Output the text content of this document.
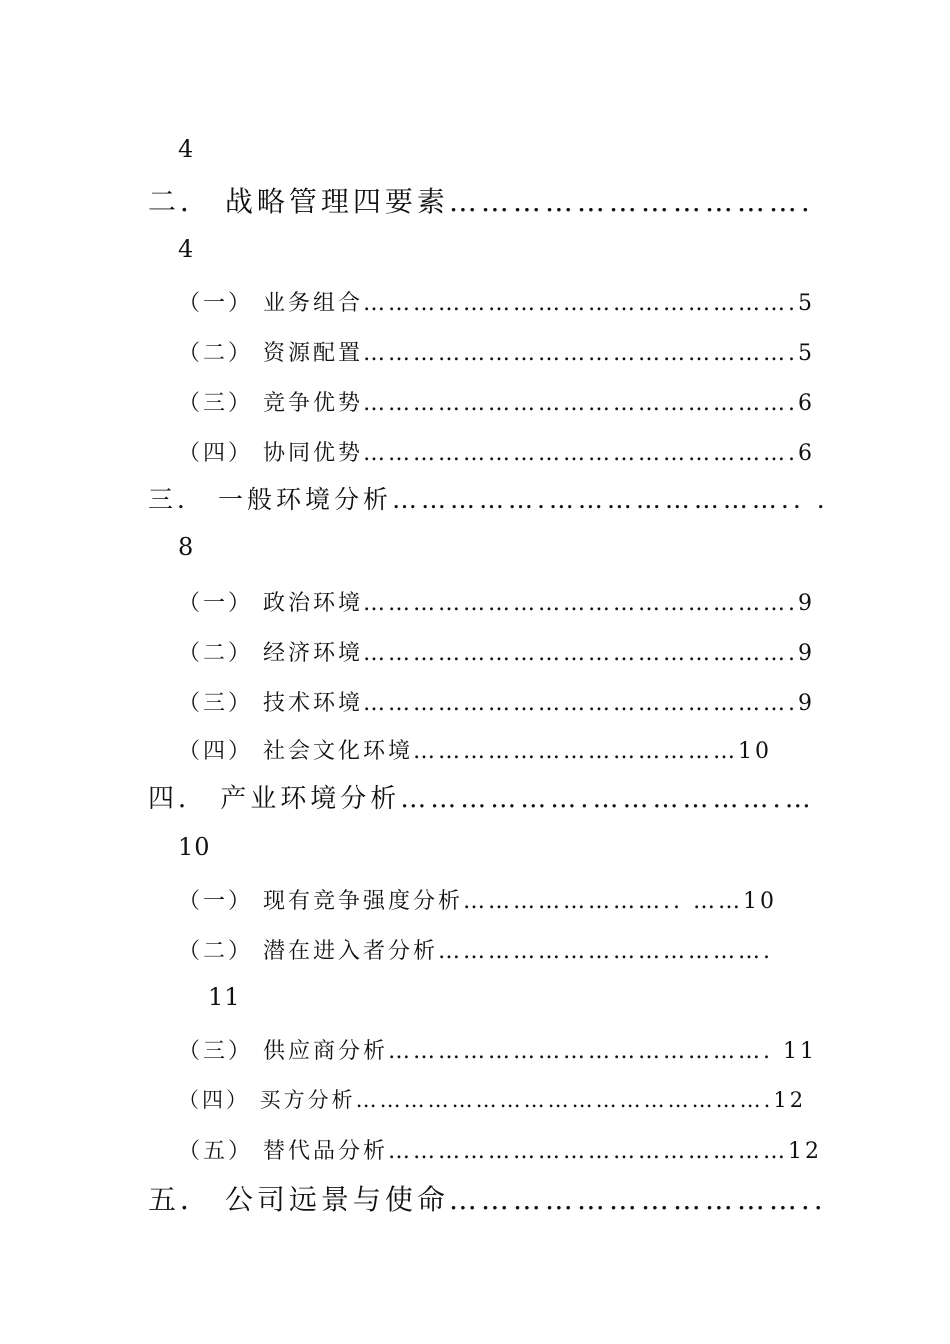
4
二． 战略管理四要素…………………………….
4
（一） 业务组合…………………………………………….5
（二） 资源配置…………………………………………….5
（三） 竞争优势…………………………………………….6
（四） 协同优势…………………………………………….6
三． 一般环境分析…………….…………………….. .
8
（一） 政治环境…………………………………………….9
（二） 经济环境…………………………………………….9
（三） 技术环境…………………………………………….9
（四） 社会文化环境…………………………………10
四． 产业环境分析……………….……………….…
10
（一） 现有竞争强度分析…………………….. ……10
（二） 潜在进入者分析………………………………….
11
（三） 供应商分析………………………………………. 11
（四） 买方分析…………………………………………….12
（五） 替代品分析…………………………………………12
五． 公司远景与使命……………………………..
